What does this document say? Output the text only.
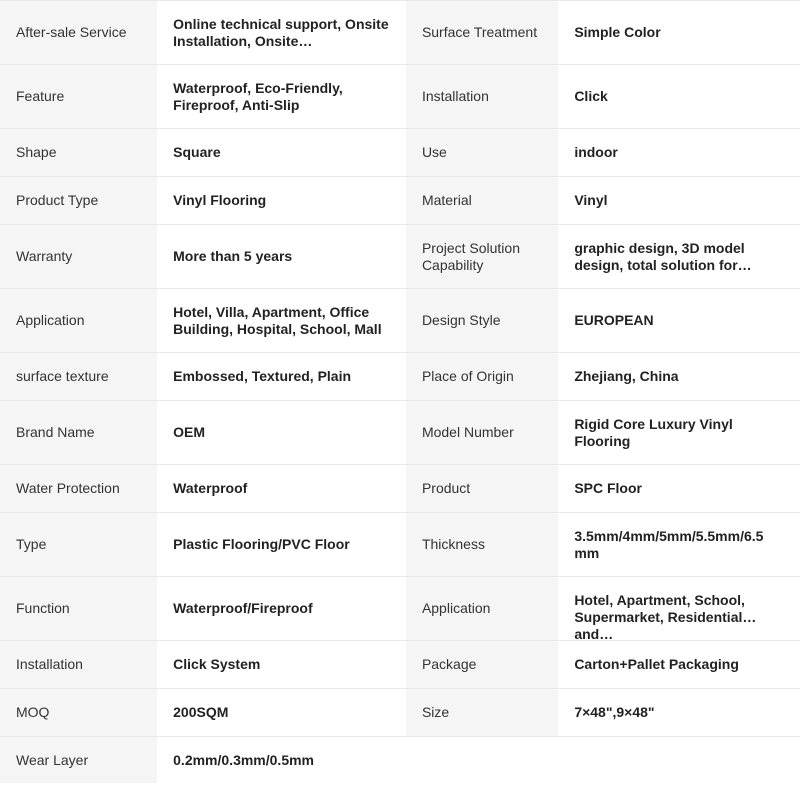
After-sale Service	Online technical support, Onsite Installation, Onsite…	Surface Treatment	Simple Color

Feature	Waterproof, Eco-Friendly, Fireproof, Anti-Slip	Installation	Click

Shape	Square	Use	indoor

Product Type	Vinyl Flooring	Material	Vinyl

Warranty	More than 5 years	Project Solution Capability	graphic design, 3D model design, total solution for…

Application	Hotel, Villa, Apartment, Office Building, Hospital, School, Mall	Design Style	EUROPEAN

surface texture	Embossed, Textured, Plain	Place of Origin	Zhejiang, China

Brand Name	OEM	Model Number	Rigid Core Luxury Vinyl Flooring

Water Protection	Waterproof	Product	SPC Floor

Type	Plastic Flooring/PVC Floor	Thickness	3.5mm/4mm/5mm/5.5mm/6.5 mm

Function	Waterproof/Fireproof	Application	Hotel, Apartment, School, Supermarket, Residential and…

Installation	Click System	Package	Carton+Pallet Packaging

MOQ	200SQM	Size	7×48",9×48"

Wear Layer	0.2mm/0.3mm/0.5mm		
